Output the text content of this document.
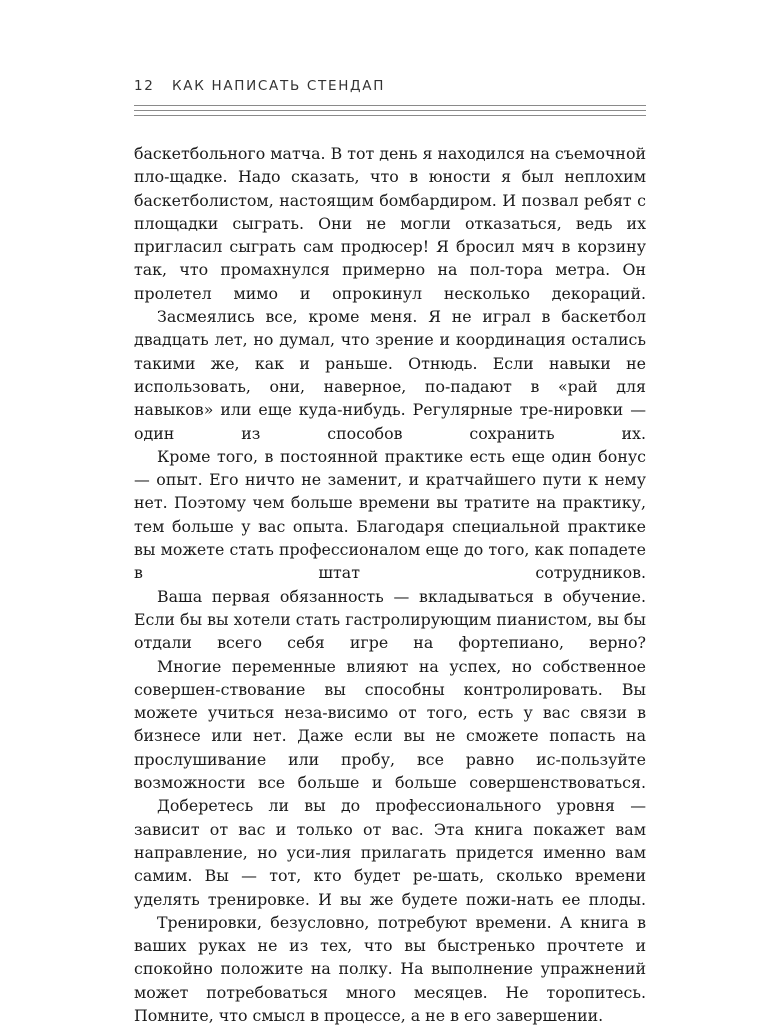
12 КАК НАПИСАТЬ СТЕНДАП

баскетбольного матча. В тот день я находился на съемочной пло-щадке. Надо сказать, что в юности я был неплохим баскетболистом, настоящим бомбардиром. И позвал ребят с площадки сыграть. Они не могли отказаться, ведь их пригласил сыграть сам продюсер! Я бросил мяч в корзину так, что промахнулся примерно на пол-тора метра. Он пролетел мимо и опрокинул несколько декораций.

Засмеялись все, кроме меня. Я не играл в баскетбол двадцать лет, но думал, что зрение и координация остались такими же, как и раньше. Отнюдь. Если навыки не использовать, они, наверное, по-падают в «рай для навыков» или еще куда-нибудь. Регулярные тре-нировки — один из способов сохранить их.

Кроме того, в постоянной практике есть еще один бонус — опыт. Его ничто не заменит, и кратчайшего пути к нему нет. Поэтому чем больше времени вы тратите на практику, тем больше у вас опыта. Благодаря специальной практике вы можете стать профессионалом еще до того, как попадете в штат сотрудников.

Ваша первая обязанность — вкладываться в обучение. Если бы вы хотели стать гастролирующим пианистом, вы бы отдали всего себя игре на фортепиано, верно?

Многие переменные влияют на успех, но собственное совершен-ствование вы способны контролировать. Вы можете учиться неза-висимо от того, есть у вас связи в бизнесе или нет. Даже если вы не сможете попасть на прослушивание или пробу, все равно ис-пользуйте возможности все больше и больше совершенствоваться.

Доберетесь ли вы до профессионального уровня — зависит от вас и только от вас. Эта книга покажет вам направление, но уси-лия прилагать придется именно вам самим. Вы — тот, кто будет ре-шать, сколько времени уделять тренировке. И вы же будете пожи-нать ее плоды.

Тренировки, безусловно, потребуют времени. А книга в ваших руках не из тех, что вы быстренько прочтете и спокойно положите на полку. На выполнение упражнений может потребоваться много месяцев. Не торопитесь. Помните, что смысл в процессе, а не в его завершении.
